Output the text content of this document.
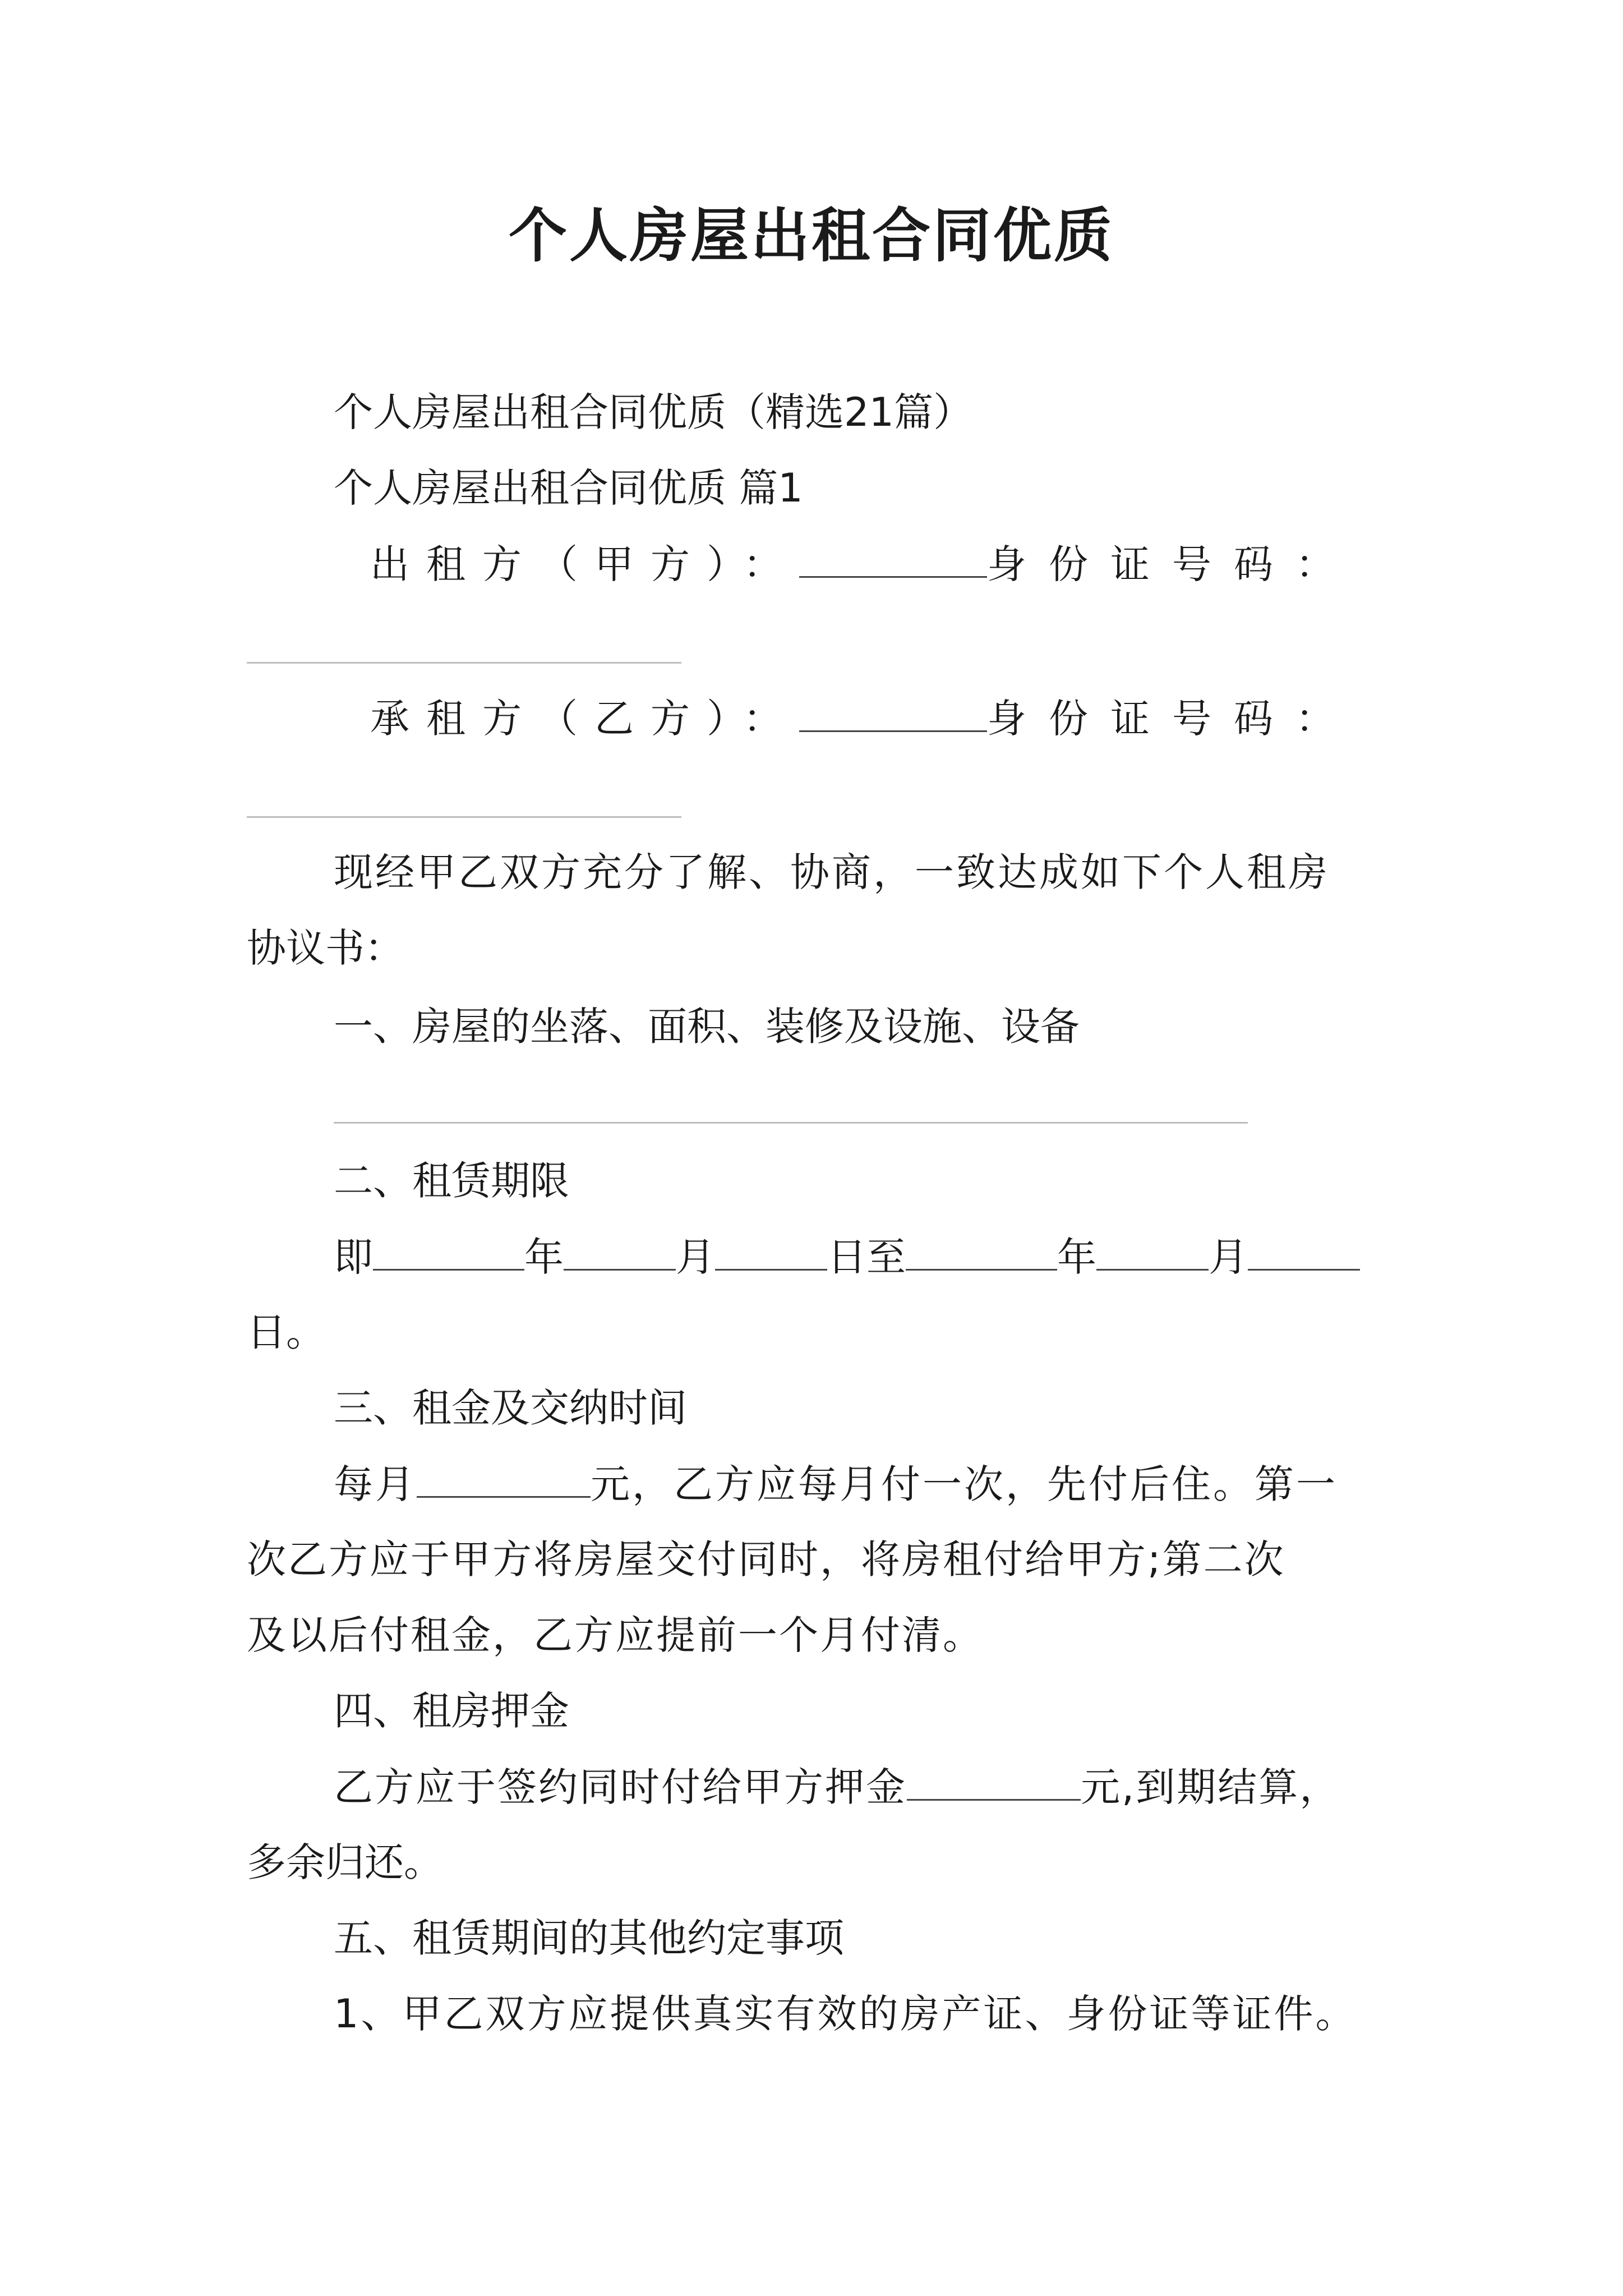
个人房屋出租合同优质
个人房屋出租合同优质（精选21篇）
个人房屋出租合同优质 篇1
出租方（甲方）：	身份证号码：
承租方（乙方）：	身份证号码：
现经甲乙双方充分了解、协商，一致达成如下个人租房
协议书：
一、房屋的坐落、面积、装修及设施、设备
二、租赁期限
即	年	月	日至	年	月
日。
三、租金及交纳时间
每月	元，乙方应每月付一次，先付后住。第一
次乙方应于甲方将房屋交付同时，将房租付给甲方;第二次
及以后付租金，乙方应提前一个月付清。
四、租房押金
乙方应于签约同时付给甲方押金	元,到期结算，
多余归还。
五、租赁期间的其他约定事项
1、甲乙双方应提供真实有效的房产证、身份证等证件。
